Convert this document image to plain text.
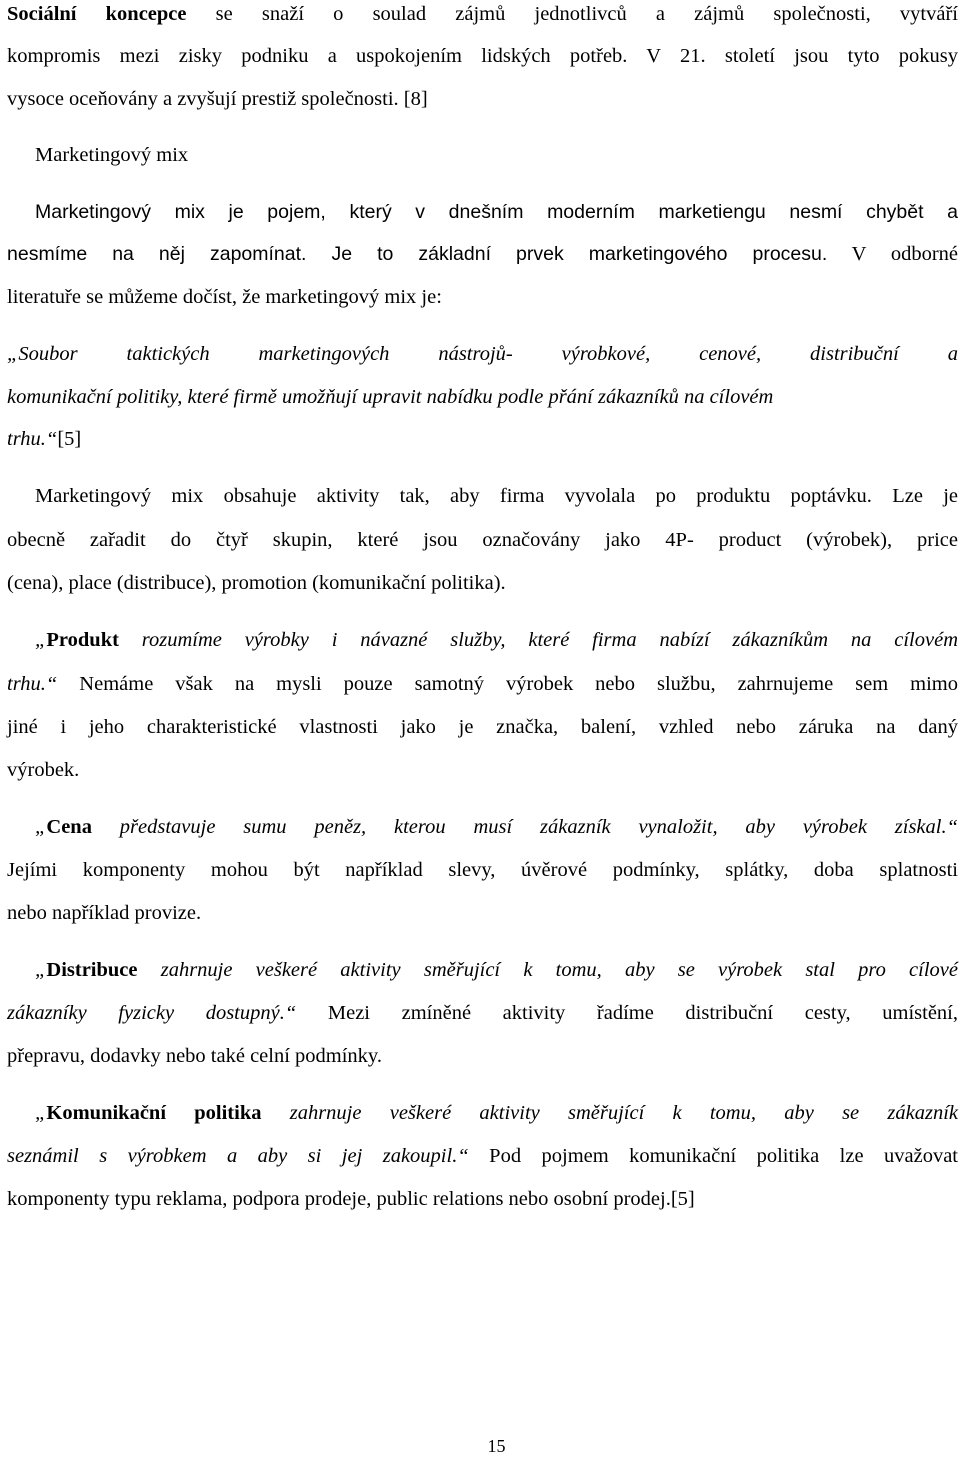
Sociální koncepce se snaží o soulad zájmů jednotlivců a zájmů společnosti, vytváří
kompromis mezi zisky podniku a uspokojením lidských potřeb. V 21. století jsou tyto pokusy
vysoce oceňovány a zvyšují prestiž společnosti. [8]
Marketingový mix
Marketingový mix je pojem, který v dnešním moderním marketiengu nesmí chybět a
nesmíme na něj zapomínat. Je to základní prvek marketingového procesu. V odborné
literatuře se můžeme dočíst, že marketingový mix je:
„Soubor taktických marketingových nástrojů- výrobkové, cenové, distribuční a
komunikační politiky, které firmě umožňují upravit nabídku podle přání zákazníků na cílovém
trhu.“[5]
Marketingový mix obsahuje aktivity tak, aby firma vyvolala po produktu poptávku. Lze je
obecně zařadit do čtyř skupin, které jsou označovány jako 4P- product (výrobek), price
(cena), place (distribuce), promotion (komunikační politika).
„Produkt rozumíme výrobky i návazné služby, které firma nabízí zákazníkům na cílovém
trhu.“ Nemáme však na mysli pouze samotný výrobek nebo službu, zahrnujeme sem mimo
jiné i jeho charakteristické vlastnosti jako je značka, balení, vzhled nebo záruka na daný
výrobek.
„Cena představuje sumu peněz, kterou musí zákazník vynaložit, aby výrobek získal.“
Jejími komponenty mohou být například slevy, úvěrové podmínky, splátky, doba splatnosti
nebo například provize.
„Distribuce zahrnuje veškeré aktivity směřující k tomu, aby se výrobek stal pro cílové
zákazníky fyzicky dostupný.“ Mezi zmíněné aktivity řadíme distribuční cesty, umístění,
přepravu, dodavky nebo také celní podmínky.
„Komunikační politika zahrnuje veškeré aktivity směřující k tomu, aby se zákazník
seznámil s výrobkem a aby si jej zakoupil.“ Pod pojmem komunikační politika lze uvažovat
komponenty typu reklama, podpora prodeje, public relations nebo osobní prodej.[5]
15
